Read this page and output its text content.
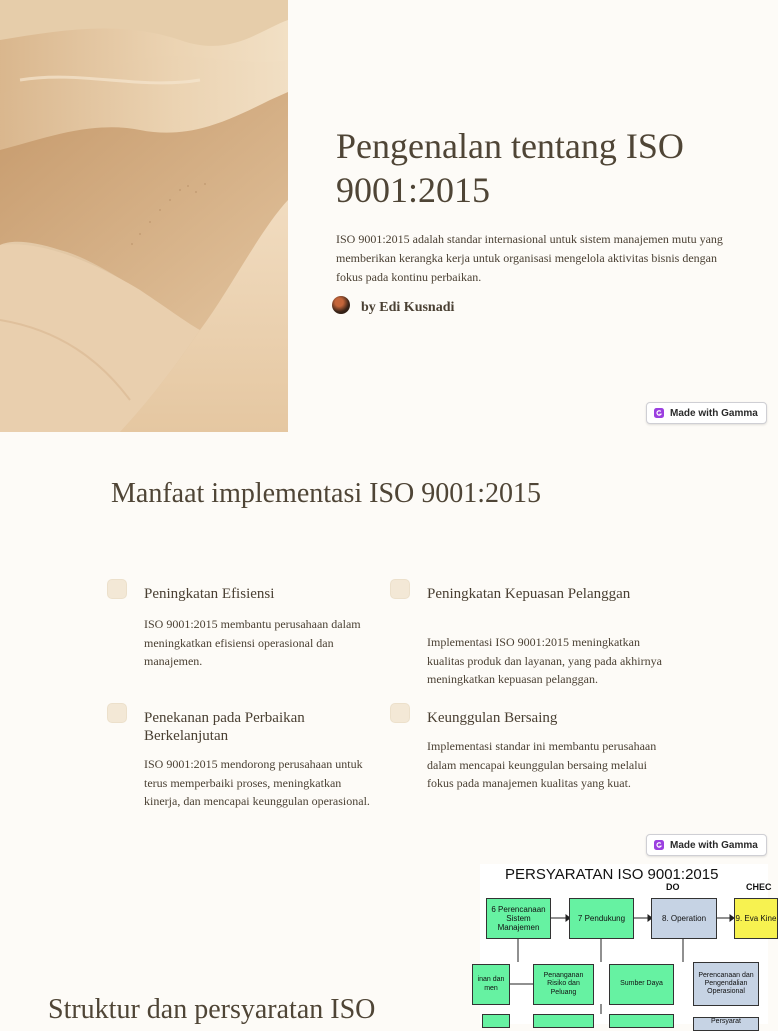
Pengenalan tentang ISO 9001:2015

ISO 9001:2015 adalah standar internasional untuk sistem manajemen mutu yang memberikan kerangka kerja untuk organisasi mengelola aktivitas bisnis dengan fokus pada kontinu perbaikan.

by Edi Kusnadi
Made with Gamma
Manfaat implementasi ISO 9001:2015
Peningkatan Efisiensi

ISO 9001:2015 membantu perusahaan dalam meningkatkan efisiensi operasional dan manajemen.

Peningkatan Kepuasan Pelanggan

Implementasi ISO 9001:2015 meningkatkan kualitas produk dan layanan, yang pada akhirnya meningkatkan kepuasan pelanggan.

Penekanan pada Perbaikan Berkelanjutan

ISO 9001:2015 mendorong perusahaan untuk terus memperbaiki proses, meningkatkan kinerja, dan mencapai keunggulan operasional.

Keunggulan Bersaing

Implementasi standar ini membantu perusahaan dalam mencapai keunggulan bersaing melalui fokus pada manajemen kualitas yang kuat.

Made with Gamma
Struktur dan persyaratan ISO
PERSYARATAN ISO 9001:2015
DO	CHEC
6 Perencanaan Sistem Manajemen
7 Pendukung	8. Operation	9. Eva Kine
inan dan men
Penanganan Risiko dan Peluang
Sumber Daya
Perencanaan dan Pengendalian Operasional
Persyarat
